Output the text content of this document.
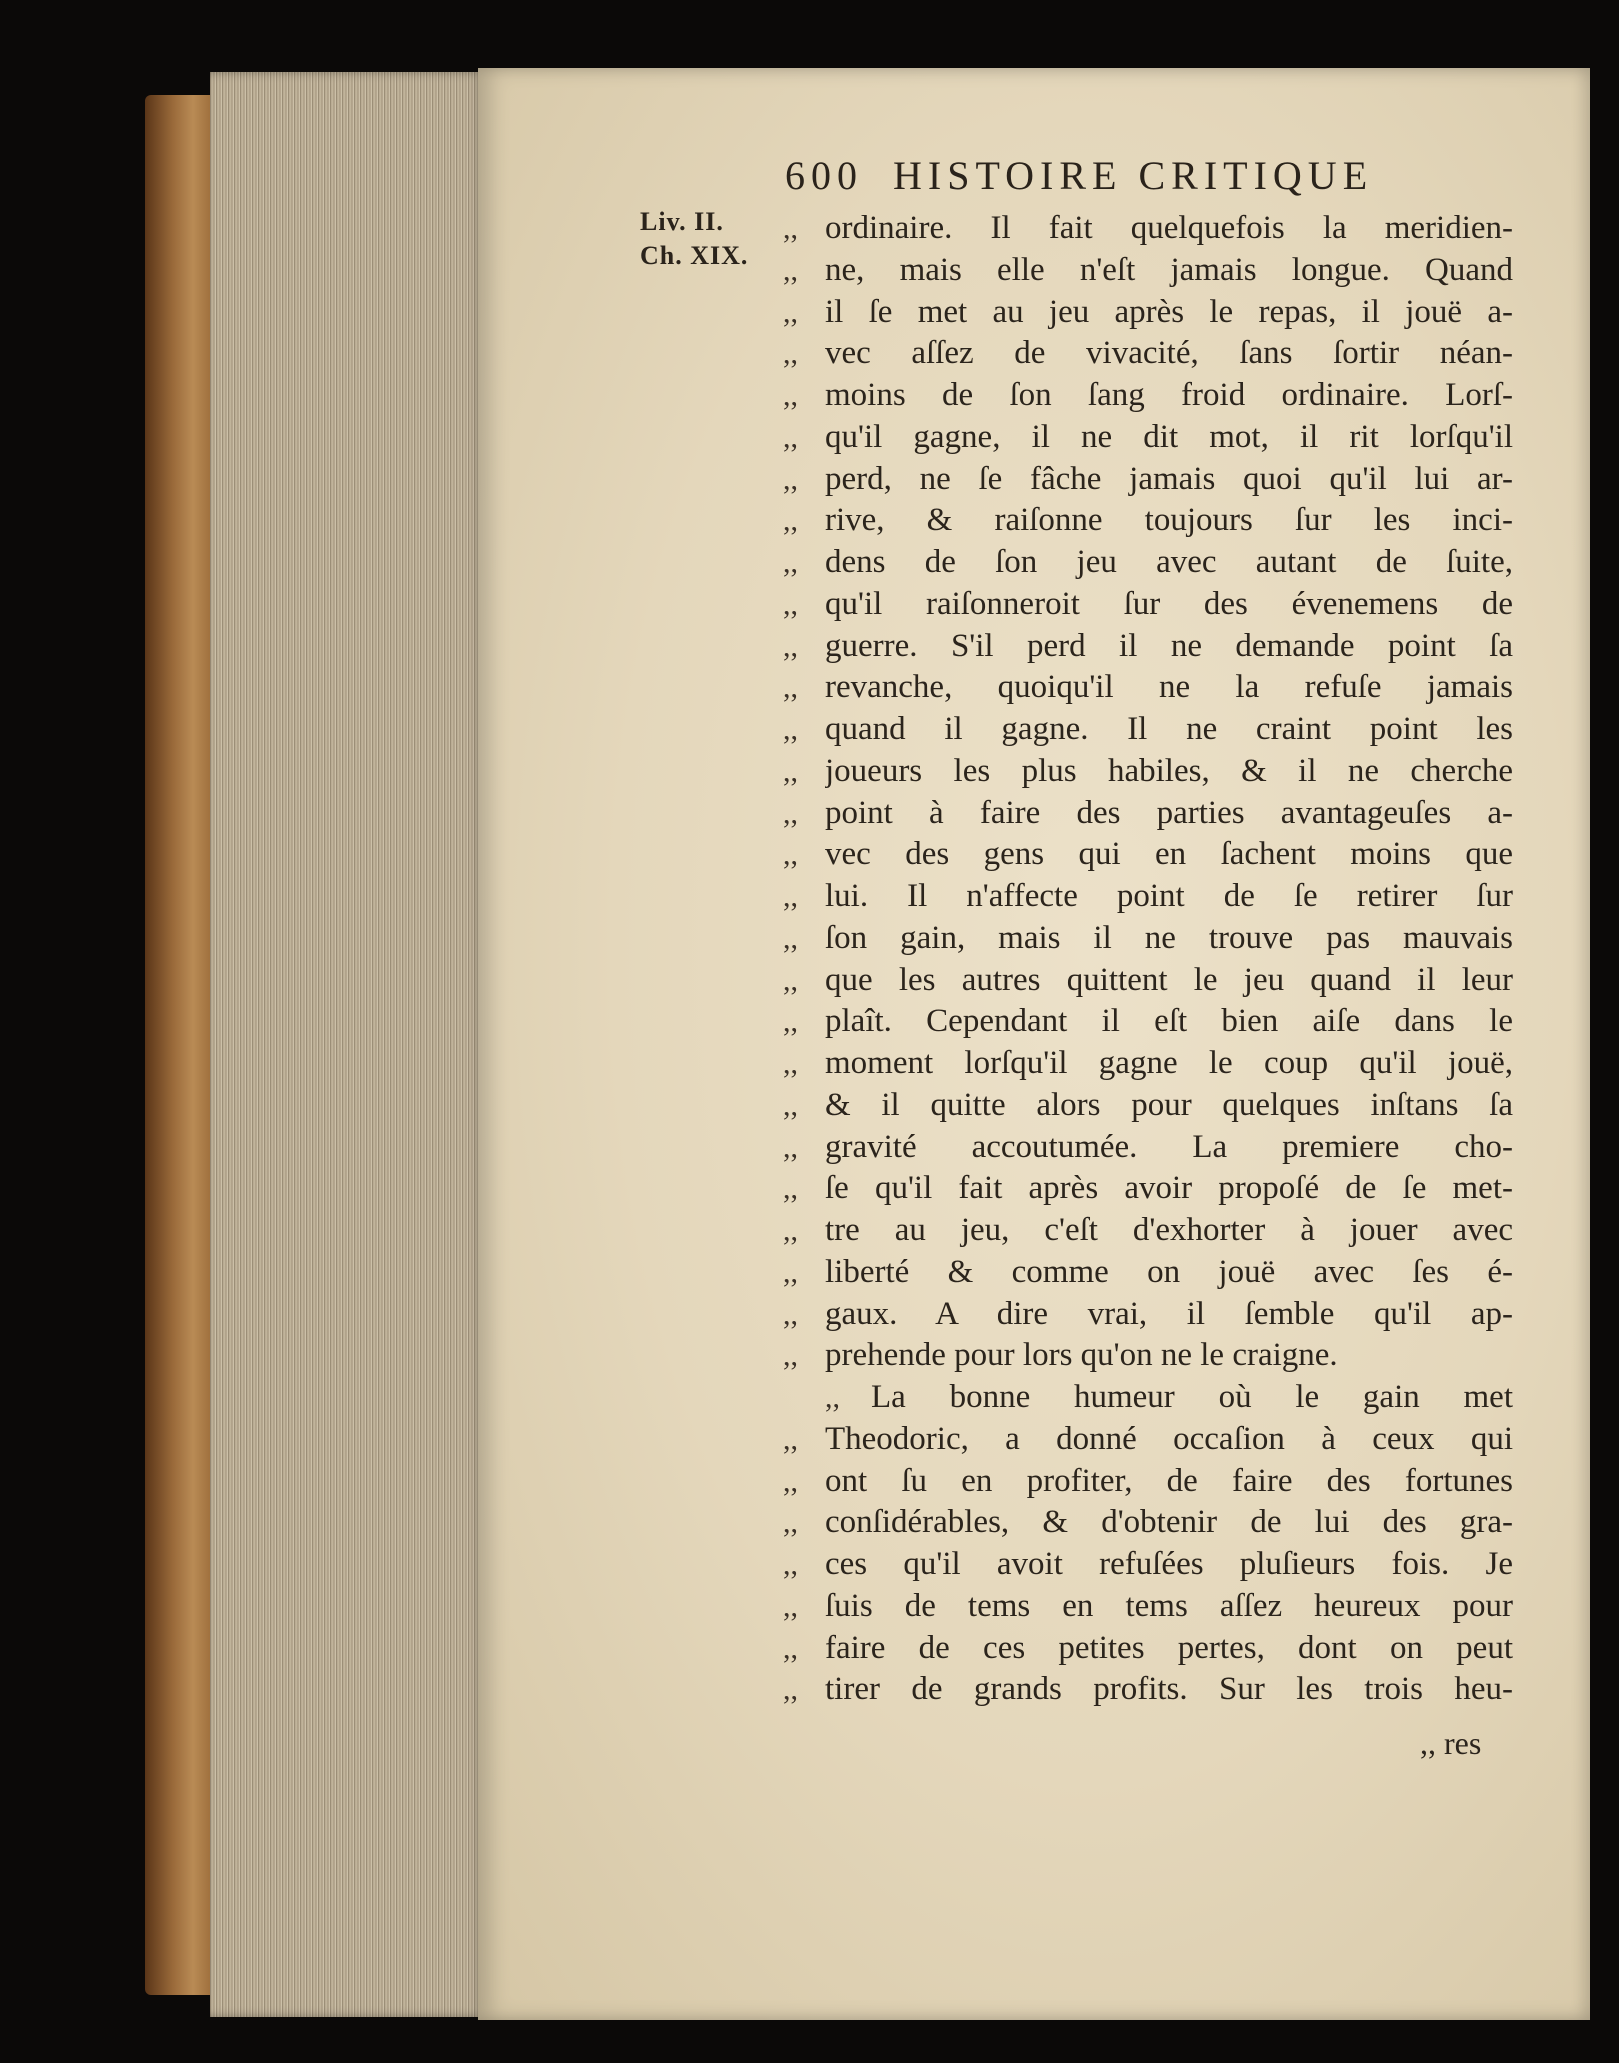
600 HISTOIRE CRITIQUE
Liv. II.
Ch. XIX.
,, ordinaire. Il fait quelquefois la meridien-
,, ne, mais elle n'eſt jamais longue. Quand
,, il ſe met au jeu après le repas, il jouë a-
,, vec aſſez de vivacité, ſans ſortir néan-
,, moins de ſon ſang froid ordinaire. Lorſ-
,, qu'il gagne, il ne dit mot, il rit lorſqu'il
,, perd, ne ſe fâche jamais quoi qu'il lui ar-
,, rive, & raiſonne toujours ſur les inci-
,, dens de ſon jeu avec autant de ſuite,
,, qu'il raiſonneroit ſur des évenemens de
,, guerre. S'il perd il ne demande point ſa
,, revanche, quoiqu'il ne la refuſe jamais
,, quand il gagne. Il ne craint point les
,, joueurs les plus habiles, & il ne cherche
,, point à faire des parties avantageuſes a-
,, vec des gens qui en ſachent moins que
,, lui. Il n'affecte point de ſe retirer ſur
,, ſon gain, mais il ne trouve pas mauvais
,, que les autres quittent le jeu quand il leur
,, plaît. Cependant il eſt bien aiſe dans le
,, moment lorſqu'il gagne le coup qu'il jouë,
,, & il quitte alors pour quelques inſtans ſa
,, gravité accoutumée. La premiere cho-
,, ſe qu'il fait après avoir propoſé de ſe met-
,, tre au jeu, c'eſt d'exhorter à jouer avec
,, liberté & comme on jouë avec ſes é-
,, gaux. A dire vrai, il ſemble qu'il ap-
,, prehende pour lors qu'on ne le craigne.
,, La bonne humeur où le gain met
,, Theodoric, a donné occaſion à ceux qui
,, ont ſu en profiter, de faire des fortunes
,, conſidérables, & d'obtenir de lui des gra-
,, ces qu'il avoit refuſées pluſieurs fois. Je
,, ſuis de tems en tems aſſez heureux pour
,, faire de ces petites pertes, dont on peut
,, tirer de grands profits. Sur les trois heu-
,, res
